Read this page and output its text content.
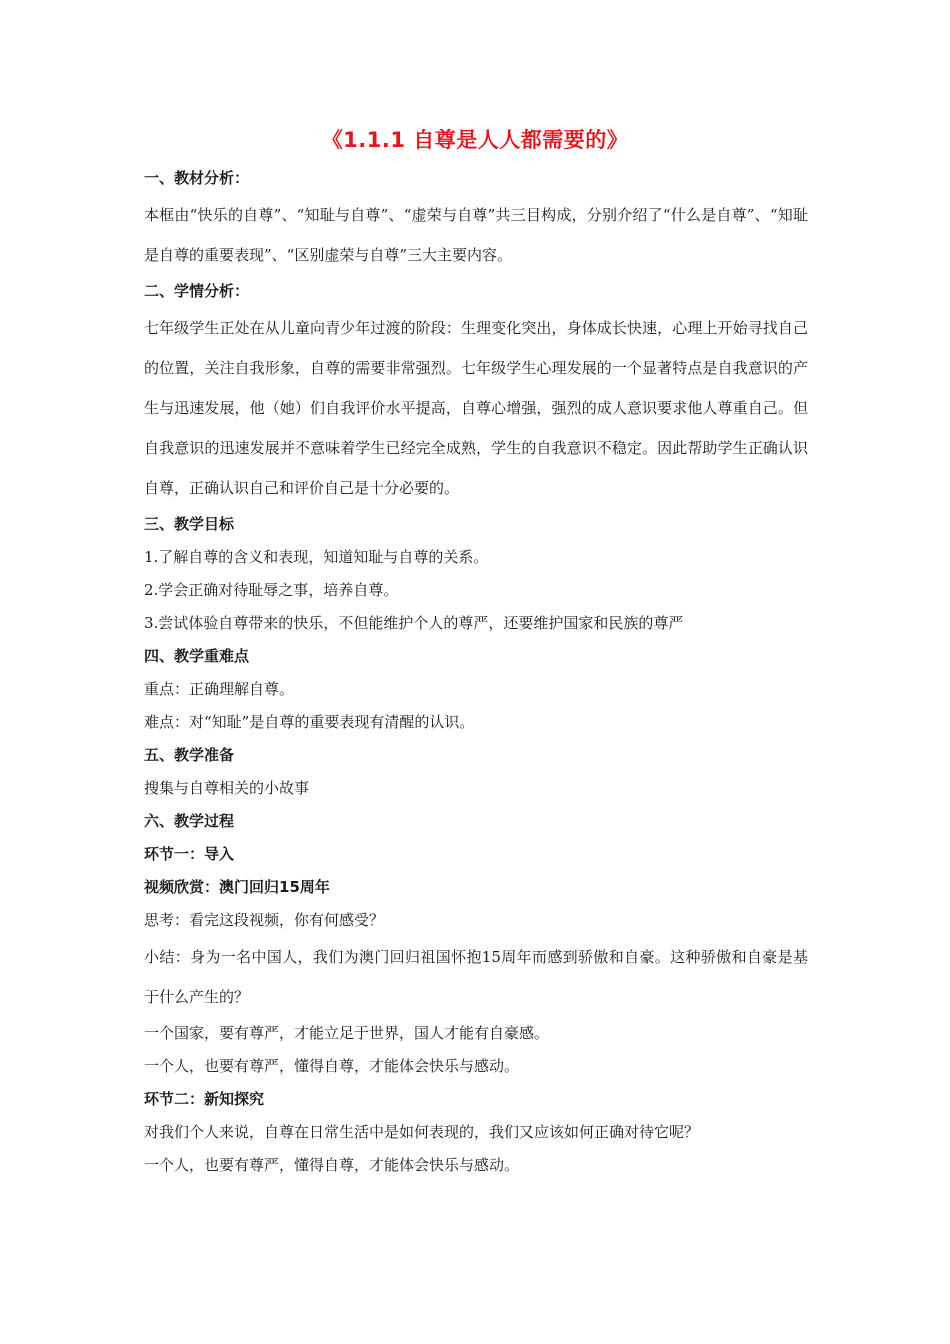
《1.1.1 自尊是人人都需要的》

一、教材分析：

本框由“快乐的自尊”、“知耻与自尊”、“虚荣与自尊”共三目构成，分别介绍了“什么是自尊”、“知耻是自尊的重要表现”、“区别虚荣与自尊”三大主要内容。

二、学情分析：

七年级学生正处在从儿童向青少年过渡的阶段：生理变化突出，身体成长快速，心理上开始寻找自己的位置，关注自我形象，自尊的需要非常强烈。七年级学生心理发展的一个显著特点是自我意识的产生与迅速发展，他（她）们自我评价水平提高，自尊心增强，强烈的成人意识要求他人尊重自己。但自我意识的迅速发展并不意味着学生已经完全成熟，学生的自我意识不稳定。因此帮助学生正确认识自尊，正确认识自己和评价自己是十分必要的。

三、教学目标

1.了解自尊的含义和表现，知道知耻与自尊的关系。

2.学会正确对待耻辱之事，培养自尊。

3.尝试体验自尊带来的快乐，不但能维护个人的尊严，还要维护国家和民族的尊严

四、教学重难点

重点：正确理解自尊。

难点：对“知耻”是自尊的重要表现有清醒的认识。

五、教学准备

搜集与自尊相关的小故事

六、教学过程

环节一：导入

视频欣赏：澳门回归15周年

思考：看完这段视频，你有何感受？

小结：身为一名中国人，我们为澳门回归祖国怀抱15周年而感到骄傲和自豪。这种骄傲和自豪是基于什么产生的？

一个国家，要有尊严，才能立足于世界，国人才能有自豪感。

一个人，也要有尊严，懂得自尊，才能体会快乐与感动。

环节二：新知探究

对我们个人来说，自尊在日常生活中是如何表现的，我们又应该如何正确对待它呢？

一个人，也要有尊严，懂得自尊，才能体会快乐与感动。
